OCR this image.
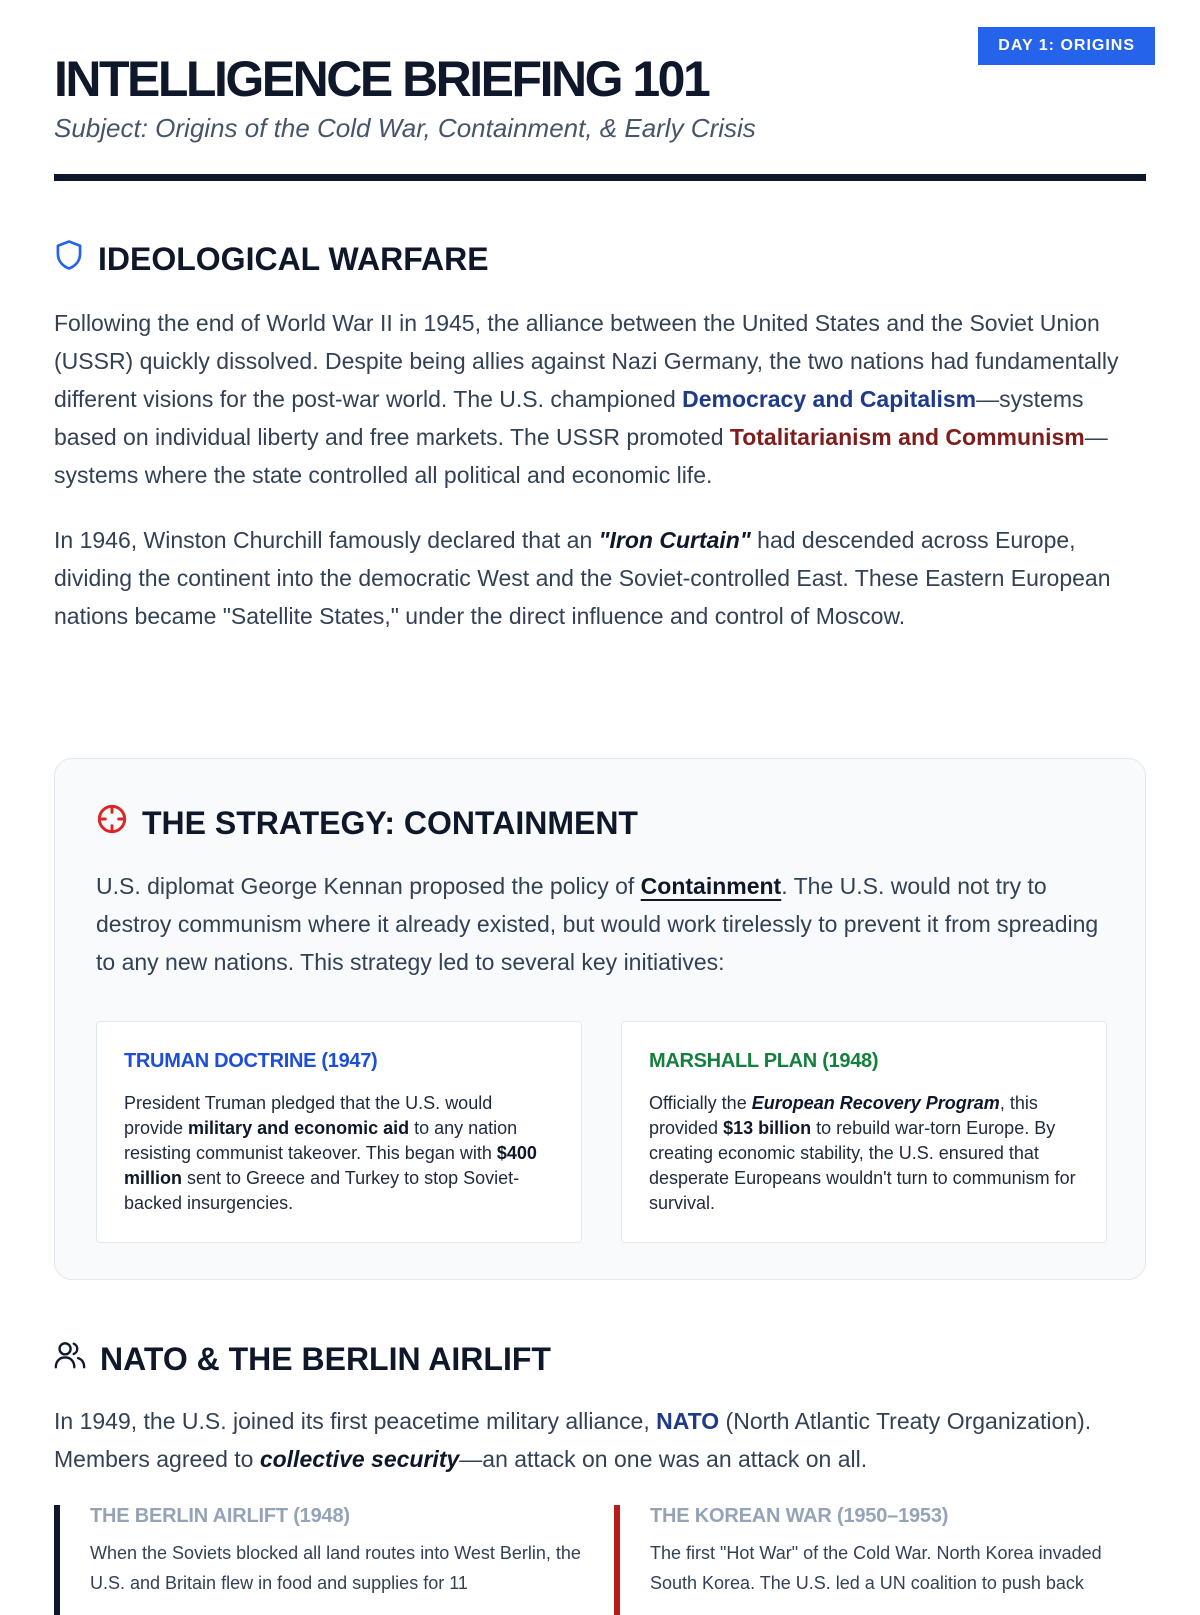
DAY 1: ORIGINS
INTELLIGENCE BRIEFING 101

Subject: Origins of the Cold War, Containment, & Early Crisis

IDEOLOGICAL WARFARE

Following the end of World War II in 1945, the alliance between the United States and the Soviet Union (USSR) quickly dissolved. Despite being allies against Nazi Germany, the two nations had fundamentally different visions for the post-war world. The U.S. championed Democracy and Capitalism—systems based on individual liberty and free markets. The USSR promoted Totalitarianism and Communism—systems where the state controlled all political and economic life.

In 1946, Winston Churchill famously declared that an "Iron Curtain" had descended across Europe, dividing the continent into the democratic West and the Soviet-controlled East. These Eastern European nations became "Satellite States," under the direct influence and control of Moscow.

THE STRATEGY: CONTAINMENT

U.S. diplomat George Kennan proposed the policy of Containment. The U.S. would not try to destroy communism where it already existed, but would work tirelessly to prevent it from spreading to any new nations. This strategy led to several key initiatives:

TRUMAN DOCTRINE (1947)

President Truman pledged that the U.S. would provide military and economic aid to any nation resisting communist takeover. This began with $400 million sent to Greece and Turkey to stop Soviet-backed insurgencies.

MARSHALL PLAN (1948)

Officially the European Recovery Program, this provided $13 billion to rebuild war-torn Europe. By creating economic stability, the U.S. ensured that desperate Europeans wouldn't turn to communism for survival.

NATO & THE BERLIN AIRLIFT

In 1949, the U.S. joined its first peacetime military alliance, NATO (North Atlantic Treaty Organization). Members agreed to collective security—an attack on one was an attack on all.

THE BERLIN AIRLIFT (1948)

When the Soviets blocked all land routes into West Berlin, the U.S. and Britain flew in food and supplies for 11

THE KOREAN WAR (1950–1953)

The first "Hot War" of the Cold War. North Korea invaded South Korea. The U.S. led a UN coalition to push back
